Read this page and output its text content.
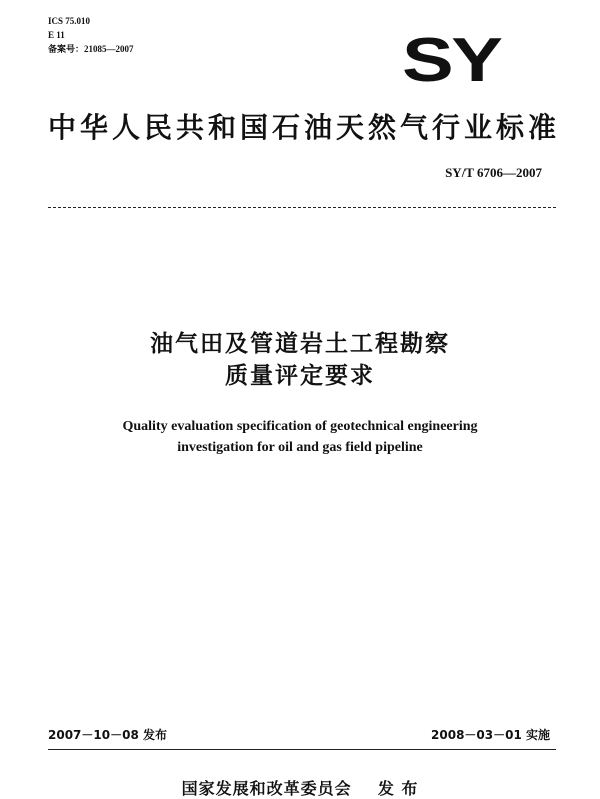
ICS 75.010
E 11
备案号：21085—2007	SY
中华人民共和国石油天然气行业标准
SY/T 6706—2007
油气田及管道岩土工程勘察
质量评定要求
Quality evaluation specification of geotechnical engineering
investigation for oil and gas field pipeline
2007－10－08 发布	2008－03－01 实施
国家发展和改革委员会    发 布
